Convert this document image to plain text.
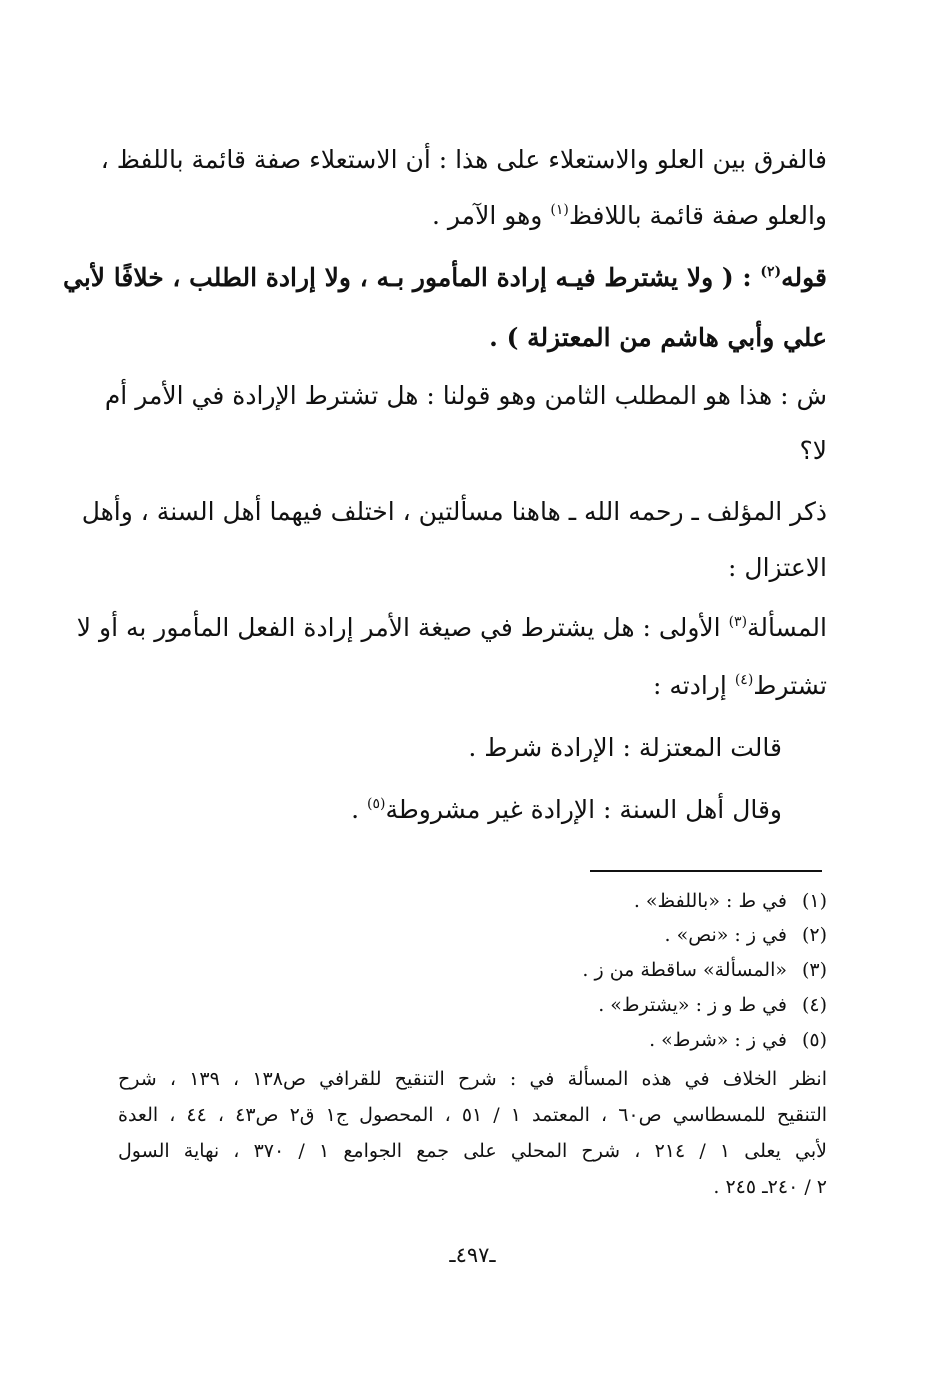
فالفرق بين العلو والاستعلاء على هذا : أن الاستعلاء صفة قائمة باللفظ ،
والعلو صفة قائمة باللافظ$^{(١)}$ وهو الآمر .
قوله$^{(٢)}$ : ( ولا يشترط فيـه إرادة المأمور بـه ، ولا إرادة الطلب ، خلافًا لأبي
علي وأبي هاشم من المعتزلة ) .
ش : هذا هو المطلب الثامن وهو قولنا : هل تشترط الإرادة في الأمر أم
لا؟
ذكر المؤلف ـ رحمه الله ـ هاهنا مسألتين ، اختلف فيهما أهل السنة ، وأهل
الاعتزال :
المسألة$^{(٣)}$ الأولى : هل يشترط في صيغة الأمر إرادة الفعل المأمور به أو لا
تشترط$^{(٤)}$ إرادته :
قالت المعتزلة : الإرادة شرط .
وقال أهل السنة : الإرادة غير مشروطة$^{(٥)}$ .
(١)في ط : «باللفظ» .
(٢)في ز : «نص» .
(٣)«المسألة» ساقطة من ز .
(٤)في ط و ز : «يشترط» .
(٥)في ز : «شرط» .
انظر الخلاف في هذه المسألة في : شرح التنقيح للقرافي ص١٣٨ ، ١٣٩ ، شرح
التنقيح للمسطاسي ص٦٠ ، المعتمد ١ / ٥١ ، المحصول ج١ ق٢ ص٤٣ ، ٤٤ ، العدة
لأبي يعلى ١ / ٢١٤ ، شرح المحلي على جمع الجوامع ١ / ٣٧٠ ، نهاية السول
٢ / ٢٤٠ـ ٢٤٥ .
ـ٤٩٧ـ
